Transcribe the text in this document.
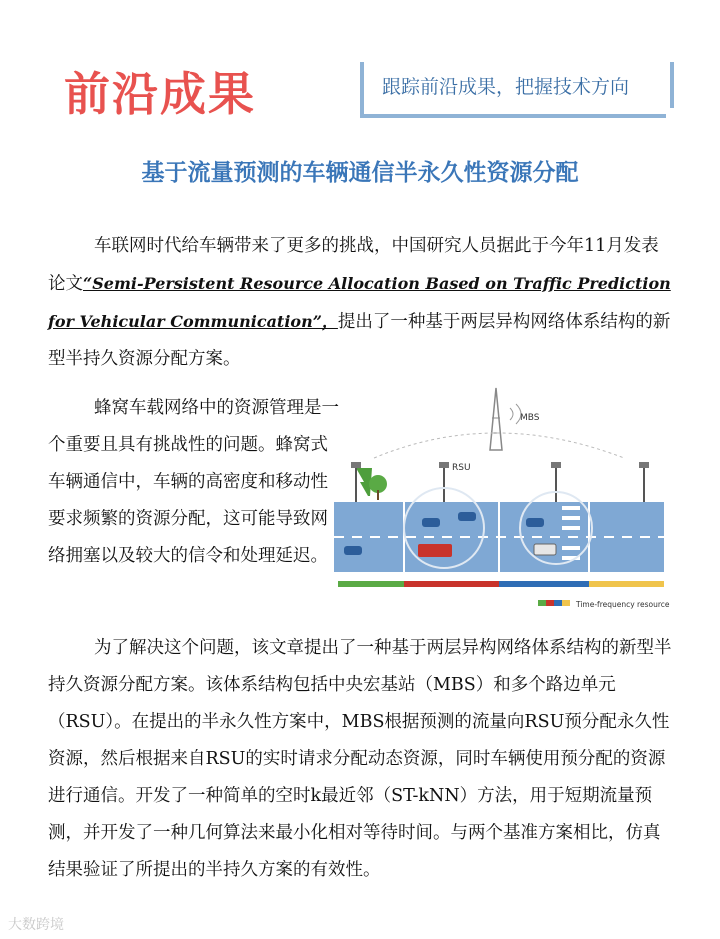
前沿成果	跟踪前沿成果，把握技术方向
基于流量预测的车辆通信半永久性资源分配
车联网时代给车辆带来了更多的挑战，中国研究人员据此于今年11月发表论文“Semi-Persistent Resource Allocation Based on Traffic Prediction for Vehicular Communication”，提出了一种基于两层异构网络体系结构的新型半持久资源分配方案。
蜂窝车载网络中的资源管理是一个重要且具有挑战性的问题。蜂窝式车辆通信中，车辆的高密度和移动性要求频繁的资源分配，这可能导致网络拥塞以及较大的信令和处理延迟。
MBS
RSU
Time-frequency resource
为了解决这个问题，该文章提出了一种基于两层异构网络体系结构的新型半持久资源分配方案。该体系结构包括中央宏基站（MBS）和多个路边单元（RSU）。在提出的半永久性方案中，MBS根据预测的流量向RSU预分配永久性资源，然后根据来自RSU的实时请求分配动态资源，同时车辆使用预分配的资源进行通信。开发了一种简单的空时k最近邻（ST-kNN）方法，用于短期流量预测，并开发了一种几何算法来最小化相对等待时间。与两个基准方案相比，仿真结果验证了所提出的半持久方案的有效性。
大数跨境
